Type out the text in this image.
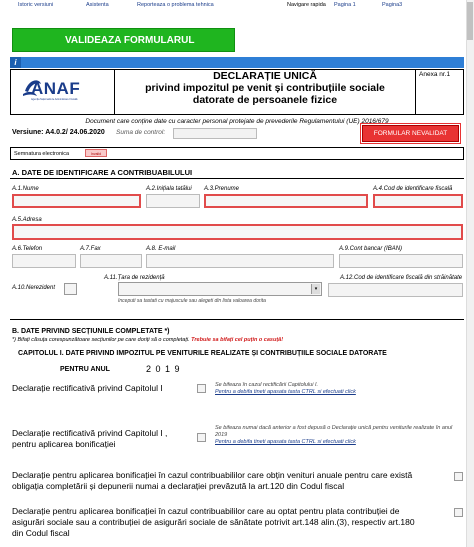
Istoric versiuni	Asistenta	Reporteaza o problema tehnica	Navigare rapida Pagina 1	Pagina3
VALIDEAZA FORMULARUL
i
ANAF
Agenția Națională de Administrare Fiscală
DECLARAȚIE UNICĂ
privind impozitul pe venit și contribuțiile sociale
datorate de persoanele fizice
Anexa nr.1
Document care conține date cu caracter personal protejate de prevederile Regulamentului (UE) 2016/679
Versiune: A4.0.2/ 24.06.2020 Suma de control:	FORMULAR NEVALIDAT
Semnatura electronica	Invalid
A. DATE DE IDENTIFICARE A CONTRIBUABILULUI
A.1.Nume	A.2.Inițiala tatălui A.3.Prenume	A.4.Cod de identificare fiscală
A.5.Adresa
A.6.Telefon	A.7.Fax	A.8. E-mail	A.9.Cont bancar (IBAN)
A.10.Nerezident
A.11.Țara de rezidență	A.12.Cod de identificare fiscală din străinătate
▾
Inceputi sa tastati cu majuscule sau alegeti din lista valoarea dorita
B. DATE PRIVIND SECȚIUNILE COMPLETATE *)
*) Bifați căsuța corespunzătoare secțiunilor pe care doriți să o completați. Trebuie sa bifați cel puțin o casuță!
CAPITOLUL I. DATE PRIVIND IMPOZITUL PE VENITURILE REALIZATE ȘI CONTRIBUȚIILE SOCIALE DATORATE
PENTRU ANUL	2 0 1 9
Declarație rectificativă privind Capitolul I	Se bifeaza în cazul rectificării Capitolului I.
Pentru a debifa tineti apasata tasta CTRL si efectuati click
Declarație rectificativă privind Capitolul I ,
pentru aplicarea bonificației
Se bifeaza numai dacă anterior a fost depusă o Declarație unică pentru veniturile realizate în anul 2019
Pentru a debifa tineti apasata tasta CTRL si efectuati click
Declarație pentru aplicarea bonificației în cazul contribuabililor care obțin venituri anuale pentru care există
obligația completării și depunerii numai a declarației prevăzută la art.120 din Codul fiscal
Declarație pentru aplicarea bonificației în cazul contribuabililor care au optat pentru plata contribuției de
asigurări sociale sau a contribuției de asigurări sociale de sănătate potrivit art.148 alin.(3), respectiv art.180
din Codul fiscal
